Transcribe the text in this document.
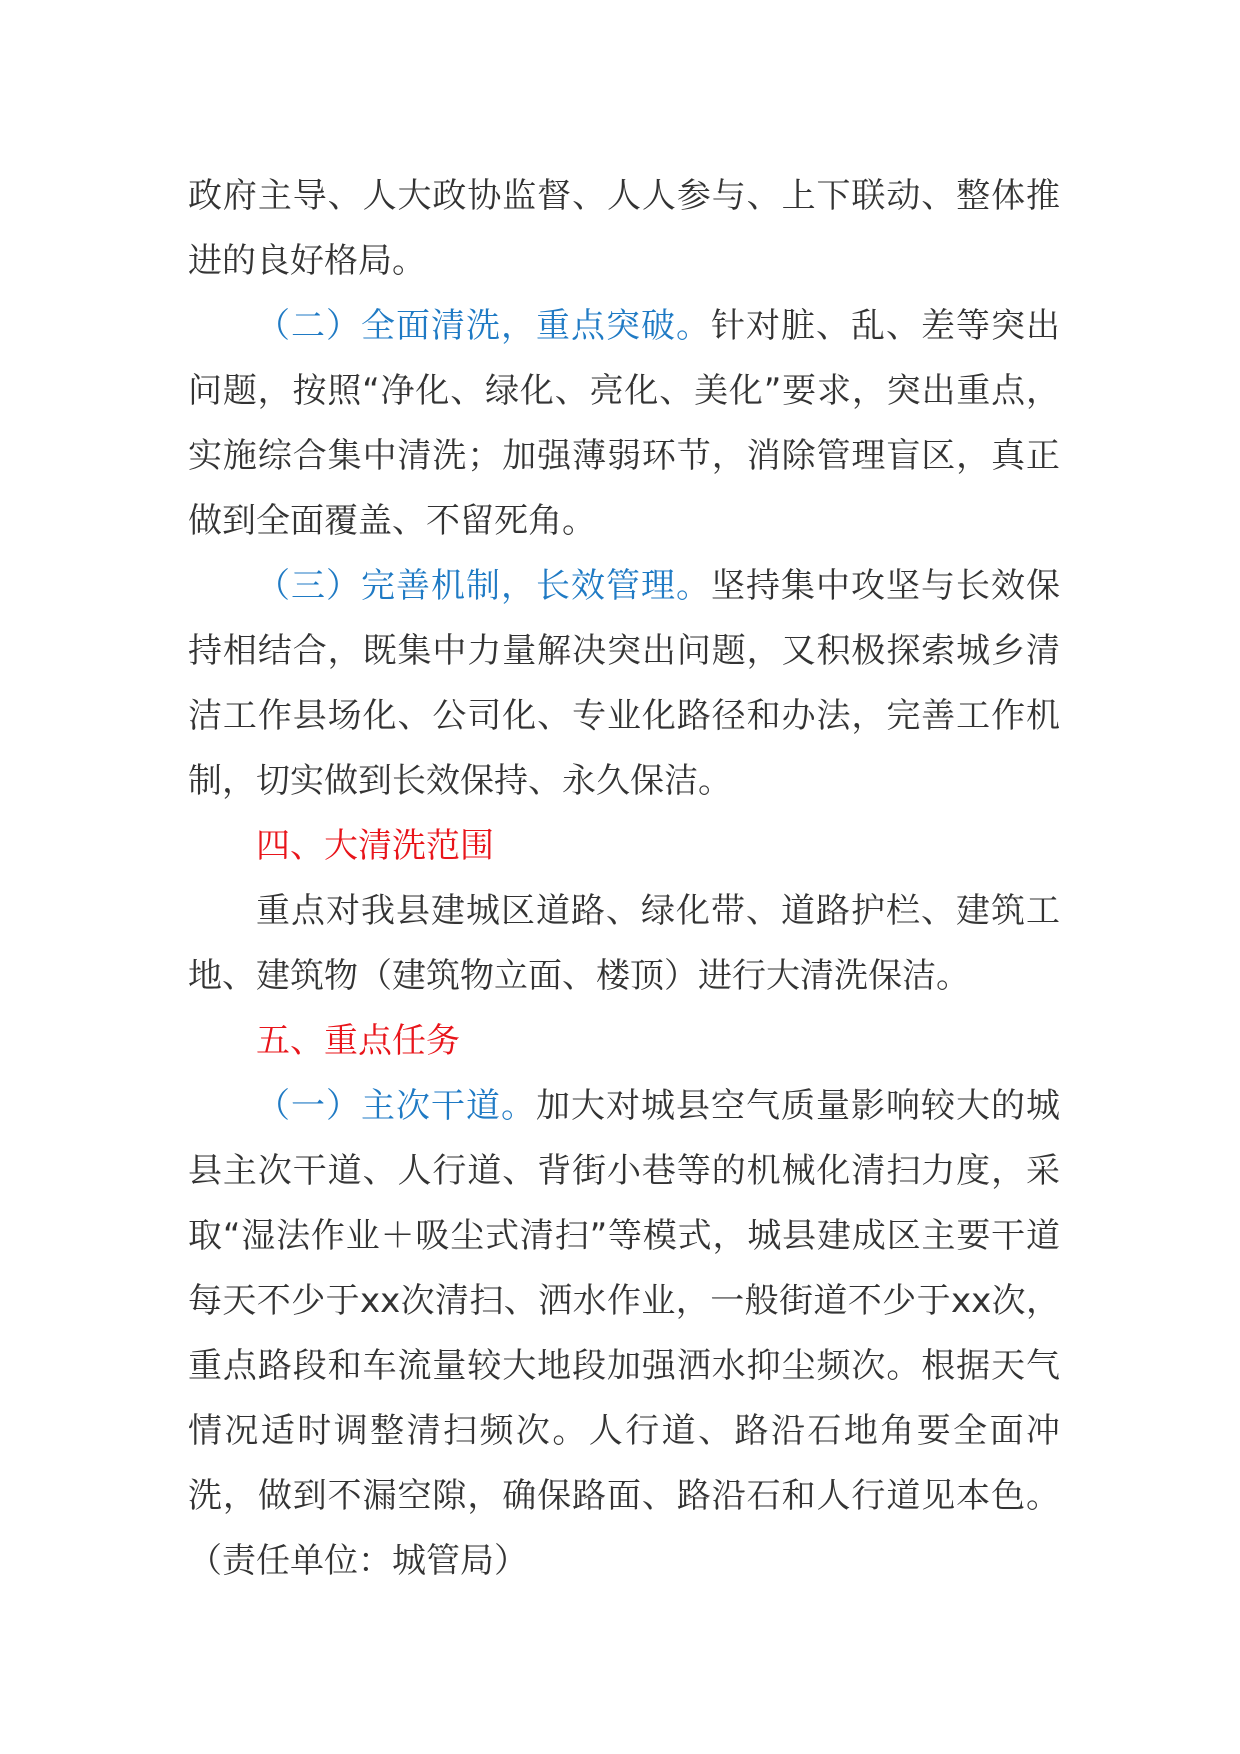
政府主导、人大政协监督、人人参与、上下联动、整体推进的良好格局。

（二）全面清洗，重点突破。针对脏、乱、差等突出问题，按照“净化、绿化、亮化、美化”要求，突出重点，实施综合集中清洗；加强薄弱环节，消除管理盲区，真正做到全面覆盖、不留死角。

（三）完善机制，长效管理。坚持集中攻坚与长效保持相结合，既集中力量解决突出问题，又积极探索城乡清洁工作县场化、公司化、专业化路径和办法，完善工作机制，切实做到长效保持、永久保洁。

四、大清洗范围

重点对我县建城区道路、绿化带、道路护栏、建筑工地、建筑物（建筑物立面、楼顶）进行大清洗保洁。

五、重点任务

（一）主次干道。加大对城县空气质量影响较大的城县主次干道、人行道、背街小巷等的机械化清扫力度，采取“湿法作业＋吸尘式清扫”等模式，城县建成区主要干道每天不少于xx次清扫、洒水作业，一般街道不少于xx次，重点路段和车流量较大地段加强洒水抑尘频次。根据天气情况适时调整清扫频次。人行道、路沿石地角要全面冲洗，做到不漏空隙，确保路面、路沿石和人行道见本色。（责任单位：城管局）
